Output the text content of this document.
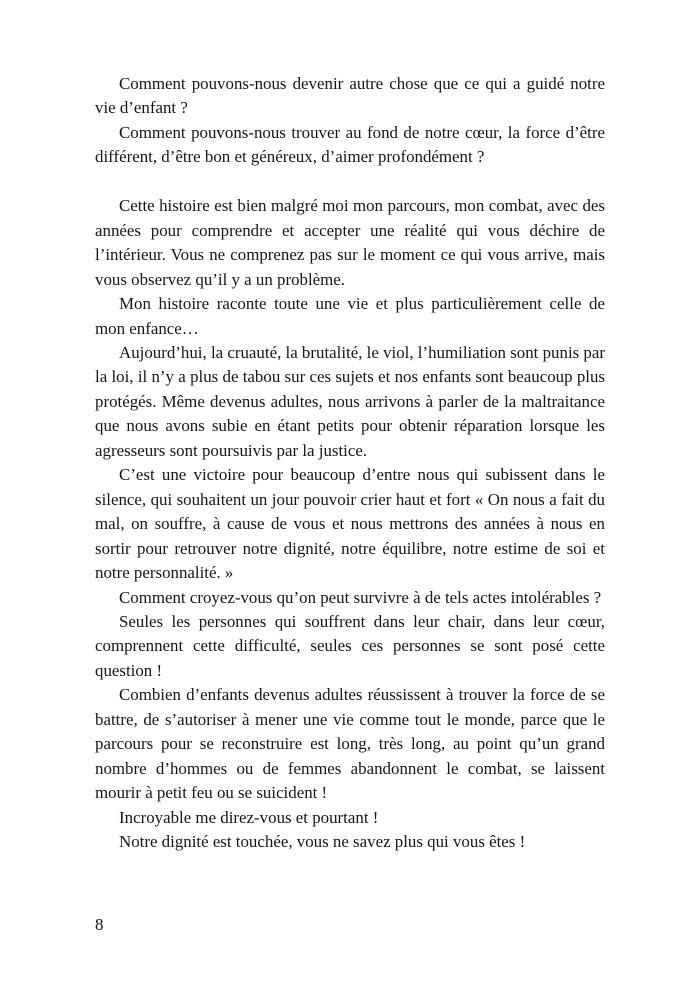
Comment pouvons-nous devenir autre chose que ce qui a guidé notre vie d’enfant ?

Comment pouvons-nous trouver au fond de notre cœur, la force d’être différent, d’être bon et généreux, d’aimer profondément ?

Cette histoire est bien malgré moi mon parcours, mon combat, avec des années pour comprendre et accepter une réalité qui vous déchire de l’intérieur. Vous ne comprenez pas sur le moment ce qui vous arrive, mais vous observez qu’il y a un problème.

Mon histoire raconte toute une vie et plus particulièrement celle de mon enfance…

Aujourd’hui, la cruauté, la brutalité, le viol, l’humiliation sont punis par la loi, il n’y a plus de tabou sur ces sujets et nos enfants sont beaucoup plus protégés. Même devenus adultes, nous arrivons à parler de la maltraitance que nous avons subie en étant petits pour obtenir réparation lorsque les agresseurs sont poursuivis par la justice.

C’est une victoire pour beaucoup d’entre nous qui subissent dans le silence, qui souhaitent un jour pouvoir crier haut et fort « On nous a fait du mal, on souffre, à cause de vous et nous mettrons des années à nous en sortir pour retrouver notre dignité, notre équilibre, notre estime de soi et notre personnalité. »

Comment croyez-vous qu’on peut survivre à de tels actes intolérables ?

Seules les personnes qui souffrent dans leur chair, dans leur cœur, comprennent cette difficulté, seules ces personnes se sont posé cette question !

Combien d’enfants devenus adultes réussissent à trouver la force de se battre, de s’autoriser à mener une vie comme tout le monde, parce que le parcours pour se reconstruire est long, très long, au point qu’un grand nombre d’hommes ou de femmes abandonnent le combat, se laissent mourir à petit feu ou se suicident !

Incroyable me direz-vous et pourtant !

Notre dignité est touchée, vous ne savez plus qui vous êtes !

8
